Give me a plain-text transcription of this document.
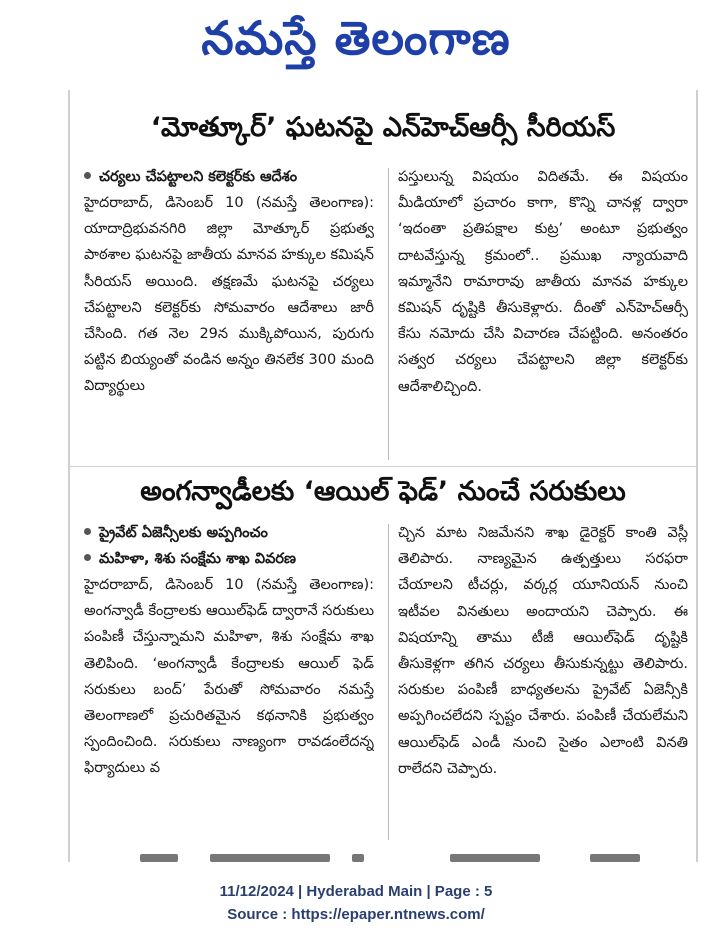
నమస్తే తెలంగాణ
‘మోత్కూర్’ ఘటనపై ఎన్‌హెచ్‌ఆర్సీ సీరియస్
చర్యలు చేపట్టాలని కలెక్టర్‌కు ఆదేశం

హైదరాబాద్, డిసెంబర్ 10 (నమస్తే తెలంగాణ): యాదాద్రిభువనగిరి జిల్లా మోత్కూర్ ప్రభుత్వ పాఠశాల ఘటనపై జాతీయ మానవ హక్కుల కమిషన్ సీరియస్ అయింది. తక్షణమే ఘటనపై చర్యలు చేపట్టాలని కలెక్టర్‌కు సోమవారం ఆదేశాలు జారీ చేసింది. గత నెల 29న ముక్కిపోయిన, పురుగు పట్టిన బియ్యంతో వండిన అన్నం తినలేక 300 మంది విద్యార్థులు

పస్తులున్న విషయం విదితమే. ఈ విషయం మీడియాలో ప్రచారం కాగా, కొన్ని చానళ్ల ద్వారా ‘ఇదంతా ప్రతిపక్షాల కుట్ర’ అంటూ ప్రభుత్వం దాటవేస్తున్న క్రమంలో.. ప్రముఖ న్యాయవాది ఇమ్మానేని రామారావు జాతీయ మానవ హక్కుల కమిషన్ దృష్టికి తీసుకెళ్లారు. దీంతో ఎన్‌హెచ్‌ఆర్సీ కేసు నమోదు చేసి విచారణ చేపట్టింది. అనంతరం సత్వర చర్యలు చేపట్టాలని జిల్లా కలెక్టర్‌కు ఆదేశాలిచ్చింది.

అంగన్వాడీలకు ‘ఆయిల్ ఫెడ్’ నుంచే సరుకులు
ప్రైవేట్ ఏజెన్సీలకు అప్పగించం
మహిళా, శిశు సంక్షేమ శాఖ వివరణ

హైదరాబాద్, డిసెంబర్ 10 (నమస్తే తెలంగాణ): అంగన్వాడీ కేంద్రాలకు ఆయిల్‌ఫెడ్ ద్వారానే సరుకులు పంపిణీ చేస్తున్నామని మహిళా, శిశు సంక్షేమ శాఖ తెలిపింది. ‘అంగన్వాడీ కేంద్రాలకు ఆయిల్ ఫెడ్ సరుకులు బంద్’ పేరుతో సోమవారం నమస్తే తెలంగాణలో ప్రచురితమైన కథనానికి ప్రభుత్వం స్పందించింది. సరుకులు నాణ్యంగా రావడంలేదన్న ఫిర్యాదులు వ

చ్చిన మాట నిజమేనని శాఖ డైరెక్టర్ కాంతి వెస్లీ తెలిపారు. నాణ్యమైన ఉత్పత్తులు సరఫరా చేయాలని టీచర్లు, వర్కర్ల యూనియన్ నుంచి ఇటీవల వినతులు అందాయని చెప్పారు. ఈ విషయాన్ని తాము టీజీ ఆయిల్‌ఫెడ్ దృష్టికి తీసుకెళ్లగా తగిన చర్యలు తీసుకున్నట్టు తెలిపారు. సరుకుల పంపిణీ బాధ్యతలను ప్రైవేట్ ఏజెన్సీకి అప్పగించలేదని స్పష్టం చేశారు. పంపిణీ చేయలేమని ఆయిల్‌ఫెడ్ ఎండీ నుంచి సైతం ఎలాంటి వినతి రాలేదని చెప్పారు.

11/12/2024 | Hyderabad Main | Page : 5
Source : https://epaper.ntnews.com/
